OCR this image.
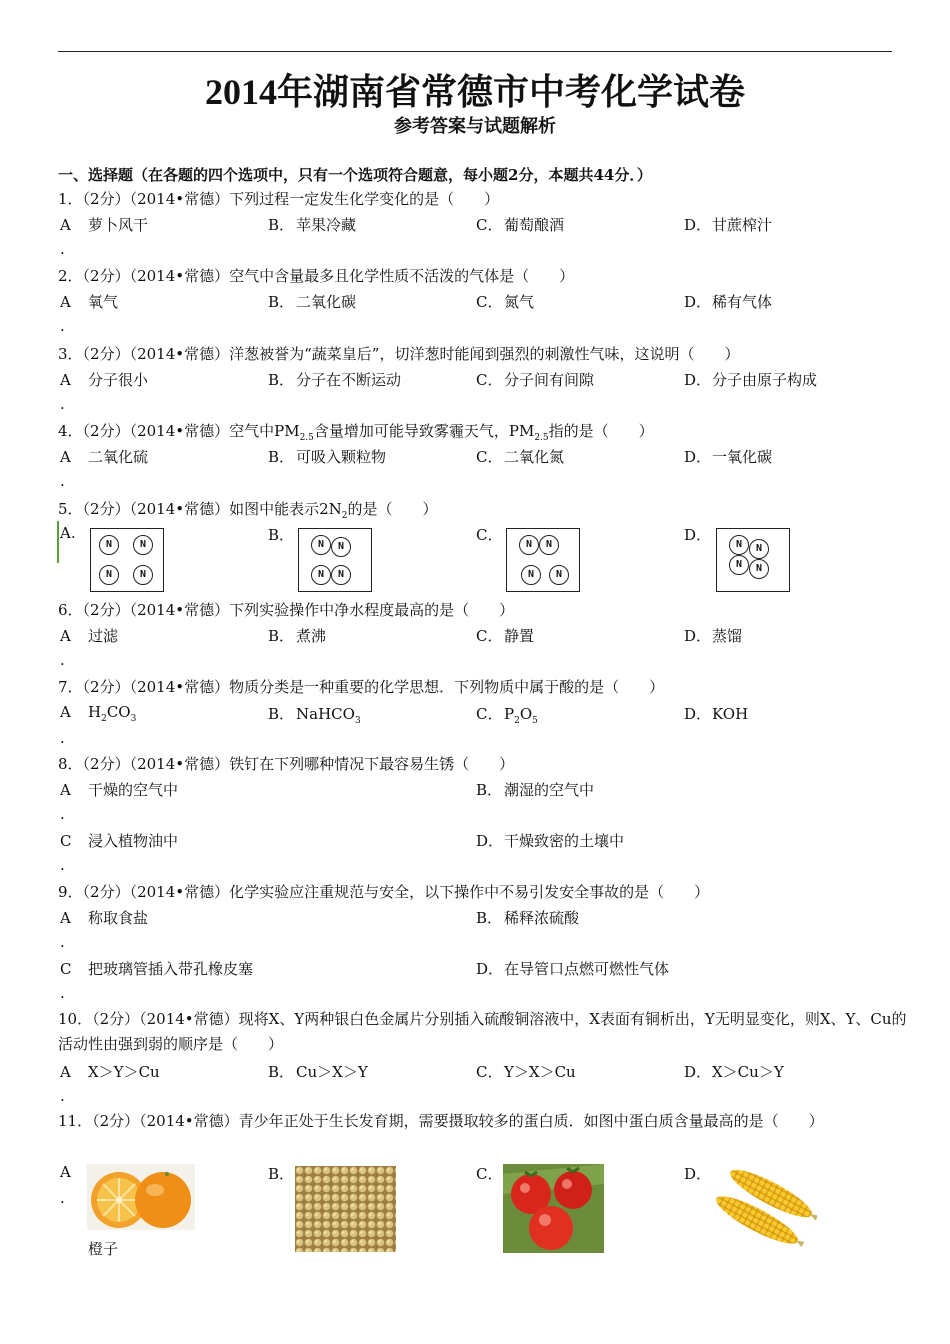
2014年湖南省常德市中考化学试卷
参考答案与试题解析
一、选择题（在各题的四个选项中，只有一个选项符合题意，每小题2分，本题共44分．）
1．（2分）（2014•常德）下列过程一定发生化学变化的是（　　）
A 萝卜风干	B． 苹果冷藏	C． 葡萄酿酒	D．甘蔗榨汁
.
2．（2分）（2014•常德）空气中含量最多且化学性质不活泼的气体是（　　）
A 氧气	B． 二氧化碳	C． 氮气	D．稀有气体
.
3．（2分）（2014•常德）洋葱被誉为“蔬菜皇后”，切洋葱时能闻到强烈的刺激性气味，这说明（　　）
A 分子很小	B． 分子在不断运动	C． 分子间有间隙	D．分子由原子构成
.
4．（2分）（2014•常德）空气中$PM_{2.5}$含量增加可能导致雾霾天气，$PM_{2.5}$指的是（　　）
A 二氧化硫	B． 可吸入颗粒物	C． 二氧化氮	D．一氧化碳
.
5．（2分）（2014•常德）如图中能表示$2N_2$的是（　　）
A.	B．	C．	D．
N	N
N	N
N	N
N	N
N	N
N	N
N	N
N	N
6．（2分）（2014•常德）下列实验操作中净水程度最高的是（　　）
A 过滤	B． 煮沸	C． 静置	D．蒸馏
.
7．（2分）（2014•常德）物质分类是一种重要的化学思想．下列物质中属于酸的是（　　）
A $H_2CO_3$	B． NaHCO$_3$	C． $P_2O_5$	D．KOH
.
8．（2分）（2014•常德）铁钉在下列哪种情况下最容易生锈（　　）
A 干燥的空气中	B． 潮湿的空气中
.
C 浸入植物油中	D．干燥致密的土壤中
.
9．（2分）（2014•常德）化学实验应注重规范与安全，以下操作中不易引发安全事故的是（　　）
A 称取食盐	B． 稀释浓硫酸
.
C 把玻璃管插入带孔橡皮塞	D．在导管口点燃可燃性气体
.
10．（2分）（2014•常德）现将X、Y两种银白色金属片分别插入硫酸铜溶液中，X表面有铜析出，Y无明显变化，则X、Y、Cu的活动性由强到弱的顺序是（　　）
A X＞Y＞Cu	B． Cu＞X＞Y	C． Y＞X＞Cu	D．X＞Cu＞Y
.
11．（2分）（2014•常德）青少年正处于生长发育期，需要摄取较多的蛋白质．如图中蛋白质含量最高的是（　　）
A
.
B．	C．	D．
橙子
